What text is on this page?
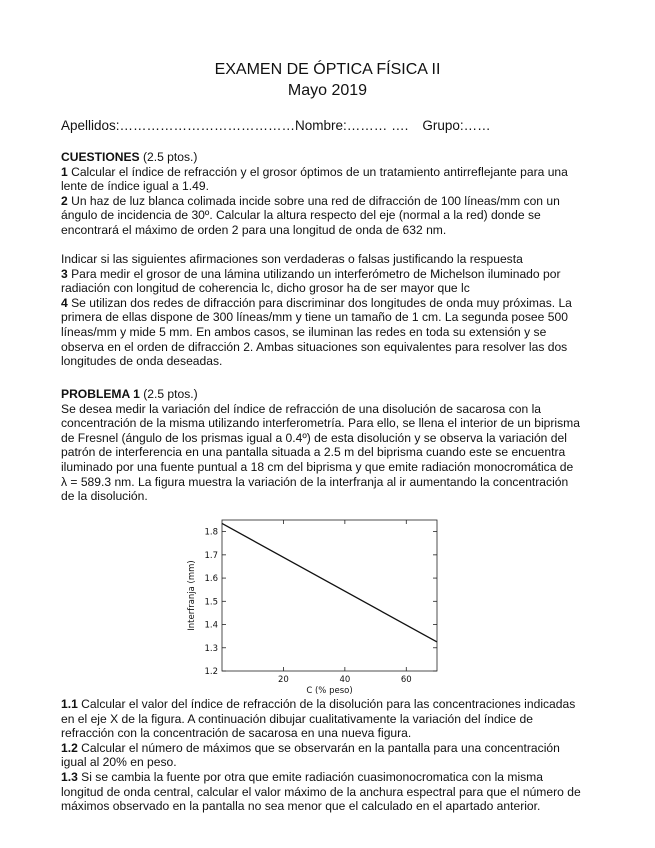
EXAMEN DE ÓPTICA FÍSICA II
Mayo 2019
Apellidos:…………………………………Nombre:……… …. Grupo:……

CUESTIONES (2.5 ptos.)

1 Calcular el índice de refracción y el grosor óptimos de un tratamiento antirreflejante para una lente de índice igual a 1.49.

2 Un haz de luz blanca colimada incide sobre una red de difracción de 100 líneas/mm con un ángulo de incidencia de 30º. Calcular la altura respecto del eje (normal a la red) donde se encontrará el máximo de orden 2 para una longitud de onda de 632 nm.

Indicar si las siguientes afirmaciones son verdaderas o falsas justificando la respuesta

3 Para medir el grosor de una lámina utilizando un interferómetro de Michelson iluminado por radiación con longitud de coherencia lc, dicho grosor ha de ser mayor que lc

4 Se utilizan dos redes de difracción para discriminar dos longitudes de onda muy próximas. La primera de ellas dispone de 300 líneas/mm y tiene un tamaño de 1 cm. La segunda posee 500 líneas/mm y mide 5 mm. En ambos casos, se iluminan las redes en toda su extensión y se observa en el orden de difracción 2. Ambas situaciones son equivalentes para resolver las dos longitudes de onda deseadas.

PROBLEMA 1 (2.5 ptos.)

Se desea medir la variación del índice de refracción de una disolución de sacarosa con la concentración de la misma utilizando interferometría. Para ello, se llena el interior de un biprisma de Fresnel (ángulo de los prismas igual a 0.4º) de esta disolución y se observa la variación del patrón de interferencia en una pantalla situada a 2.5 m del biprisma cuando este se encuentra iluminado por una fuente puntual a 18 cm del biprisma y que emite radiación monocromática de λ = 589.3 nm. La figura muestra la variación de la interfranja al ir aumentando la concentración de la disolución.

1.2
1.3
1.4
1.5
1.6
1.7
1.8
20	40	60
C (% peso)
Interfranja (mm)

1.1 Calcular el valor del índice de refracción de la disolución para las concentraciones indicadas en el eje X de la figura. A continuación dibujar cualitativamente la variación del índice de refracción con la concentración de sacarosa en una nueva figura.

1.2 Calcular el número de máximos que se observarán en la pantalla para una concentración igual al 20% en peso.

1.3 Si se cambia la fuente por otra que emite radiación cuasimonocromatica con la misma longitud de onda central, calcular el valor máximo de la anchura espectral para que el número de máximos observado en la pantalla no sea menor que el calculado en el apartado anterior.
